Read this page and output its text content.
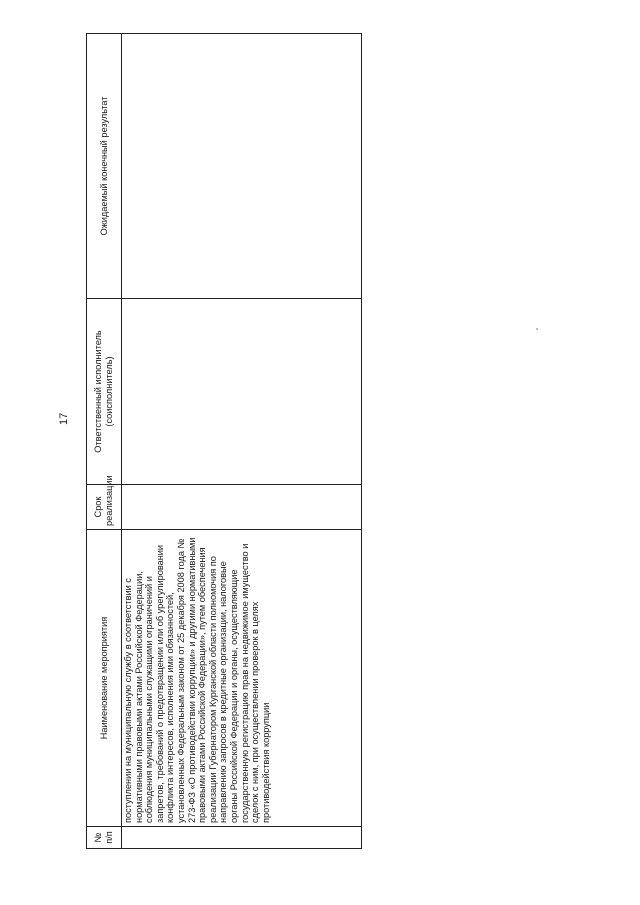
17
№ п/п	Наименование мероприятия	Срок реализации	Ответственный исполнитель (соисполнитель)	Ожидаемый конечный результат
	поступлении на муниципальную службу в соответствии с нормативными правовыми актами Российской Федерации, соблюдения муниципальными служащими ограничений и запретов, требований о предотвращении или об урегулировании конфликта интересов, исполнения ими обязанностей, установленных Федеральным законом от 25 декабря 2008 года № 273-ФЗ «О противодействии коррупции» и другими нормативными правовыми актами Российской Федерации», путем обеспечения реализации Губернатором Курганской области полномочия по направлению запросов в кредитные организации, налоговые органы Российской Федерации и органы, осуществляющие государственную регистрацию прав на недвижимое имущество и сделок с ним, при осуществлении проверок в целях противодействия коррупции			
